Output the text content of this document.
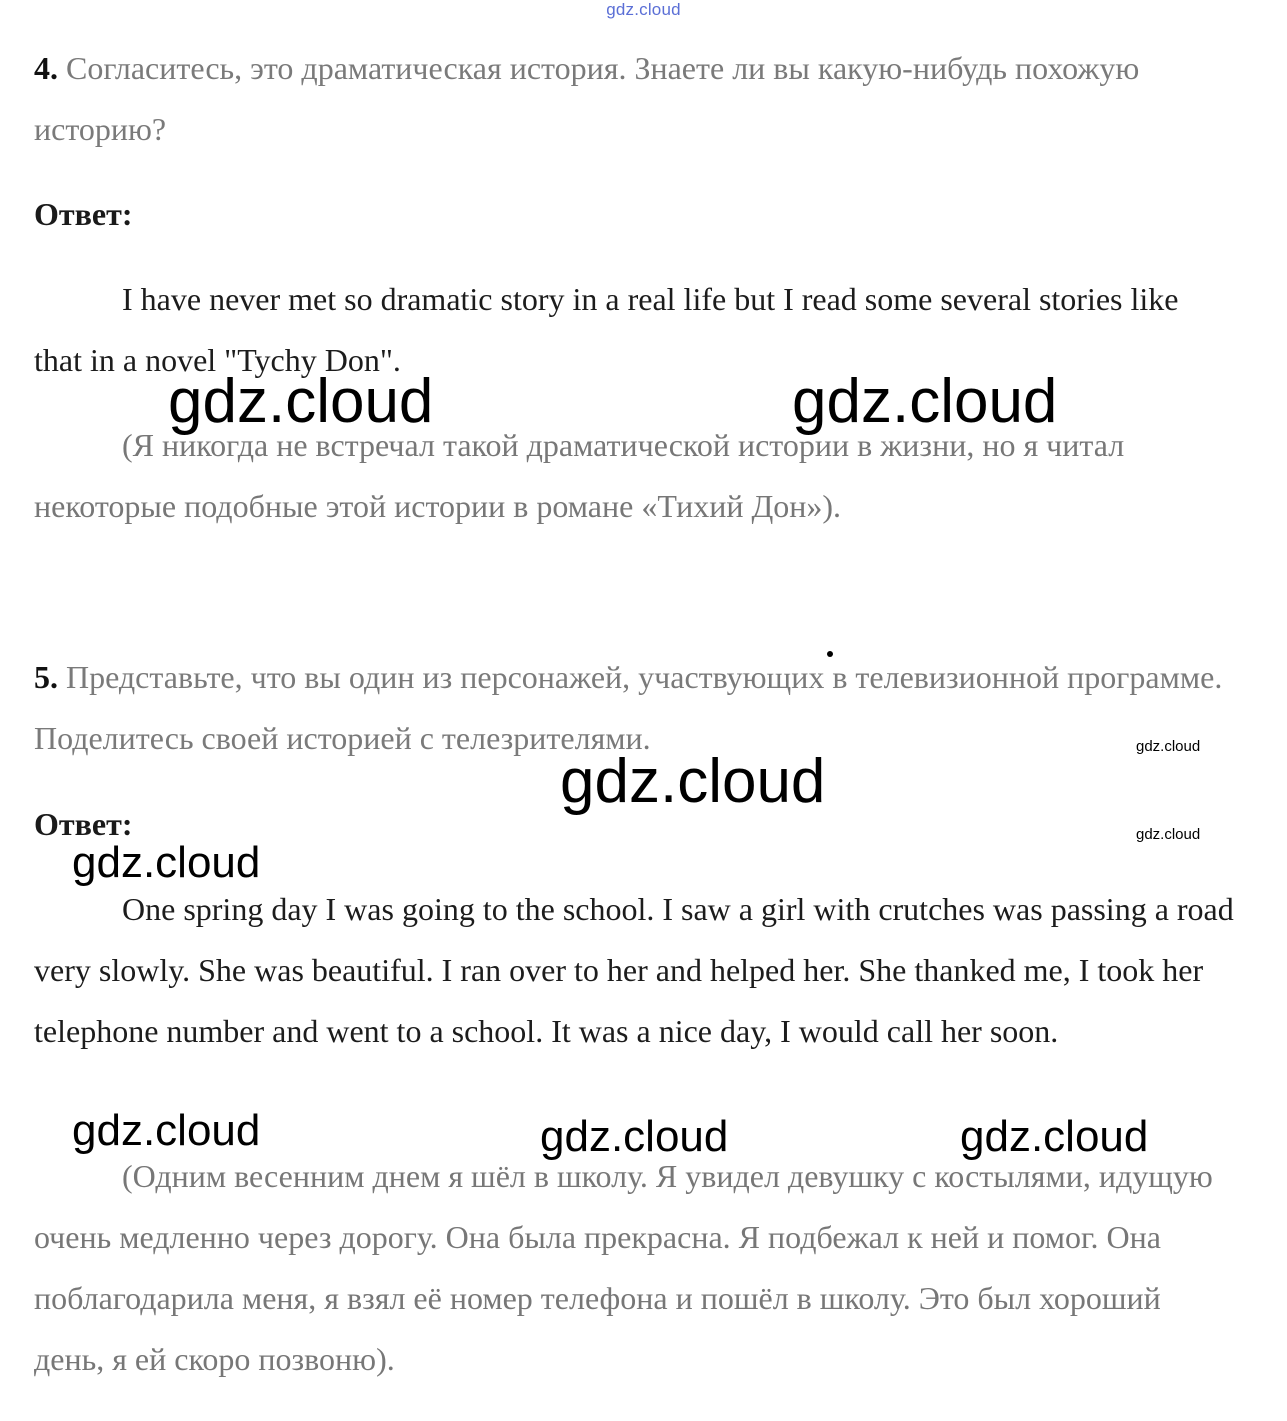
gdz.cloud
4. Согласитесь, это драматическая история. Знаете ли вы какую-нибудь похожую историю?
Ответ:
I have never met so dramatic story in a real life but I read some several stories like that in a novel "Tychy Don".
(Я никогда не встречал такой драматической истории в жизни, но я читал некоторые подобные этой истории в романе «Тихий Дон»).
5. Представьте, что вы один из персонажей, участвующих в телевизионной программе. Поделитесь своей историей с телезрителями.
Ответ:
One spring day I was going to the school. I saw a girl with crutches was passing a road very slowly. She was beautiful. I ran over to her and helped her. She thanked me, I took her telephone number and went to a school. It was a nice day, I would call her soon.
(Одним весенним днем я шёл в школу. Я увидел девушку с костылями, идущую очень медленно через дорогу. Она была прекрасна. Я подбежал к ней и помог. Она поблагодарила меня, я взял её номер телефона и пошёл в школу. Это был хороший день, я ей скоро позвоню).
gdz.cloud	gdz.cloud
gdz.cloud
gdz.cloud
gdz.cloud
gdz.cloud
gdz.cloud	gdz.cloud	gdz.cloud
